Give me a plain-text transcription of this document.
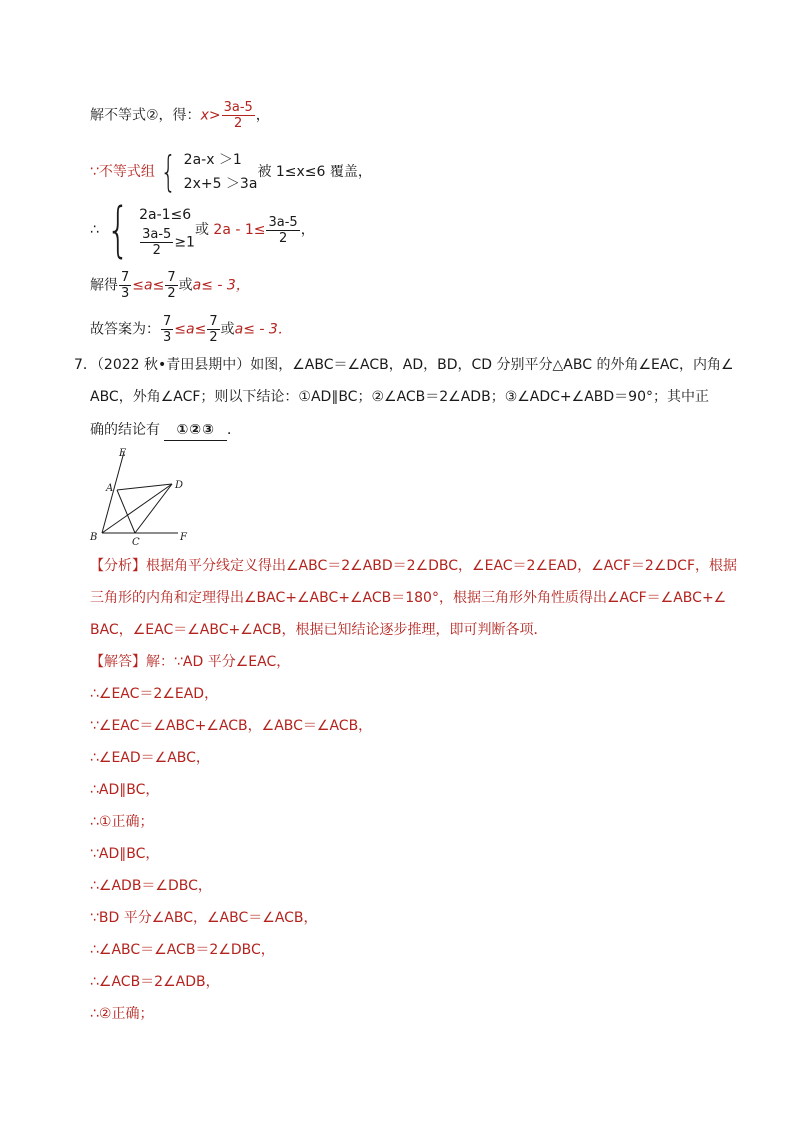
解不等式②，得：$x> \frac{3a-5}{2}$ ，
∵不等式组 { 2a-x ＞1
2x+5 ＞3a
被 1≤x≤6 覆盖，
∴ { 2a-1≤6
$\frac{3a-5}{2} \ge 1$
或 $2a - 1\le \frac{3a-5}{2}$ ，
解得 $\frac{7}{3} \le a\le \frac{7}{2}$ 或a≤ - 3，
故答案为： $\frac{7}{3} \le a\le \frac{7}{2}$ 或a≤ - 3．
7．（2022 秋•青田县期中）如图，∠ABC＝∠ACB，AD，BD，CD 分别平分△ABC 的外角∠EAC，内角∠
ABC，外角∠ACF；则以下结论：①AD∥BC；②∠ACB＝2∠ADB；③∠ADC+∠ABD＝90°；其中正
确的结论有 ①②③ ．
E
A	D
B	C	F
【分析】根据角平分线定义得出∠ABC＝2∠ABD＝2∠DBC，∠EAC＝2∠EAD，∠ACF＝2∠DCF，根据
三角形的内角和定理得出∠BAC+∠ABC+∠ACB＝180°，根据三角形外角性质得出∠ACF＝∠ABC+∠
BAC，∠EAC＝∠ABC+∠ACB，根据已知结论逐步推理，即可判断各项．
【解答】解：∵AD 平分∠EAC，
∴∠EAC＝2∠EAD，
∵∠EAC＝∠ABC+∠ACB，∠ABC＝∠ACB，
∴∠EAD＝∠ABC，
∴AD∥BC，
∴①正确；
∵AD∥BC，
∴∠ADB＝∠DBC，
∵BD 平分∠ABC，∠ABC＝∠ACB，
∴∠ABC＝∠ACB＝2∠DBC，
∴∠ACB＝2∠ADB，
∴②正确；
